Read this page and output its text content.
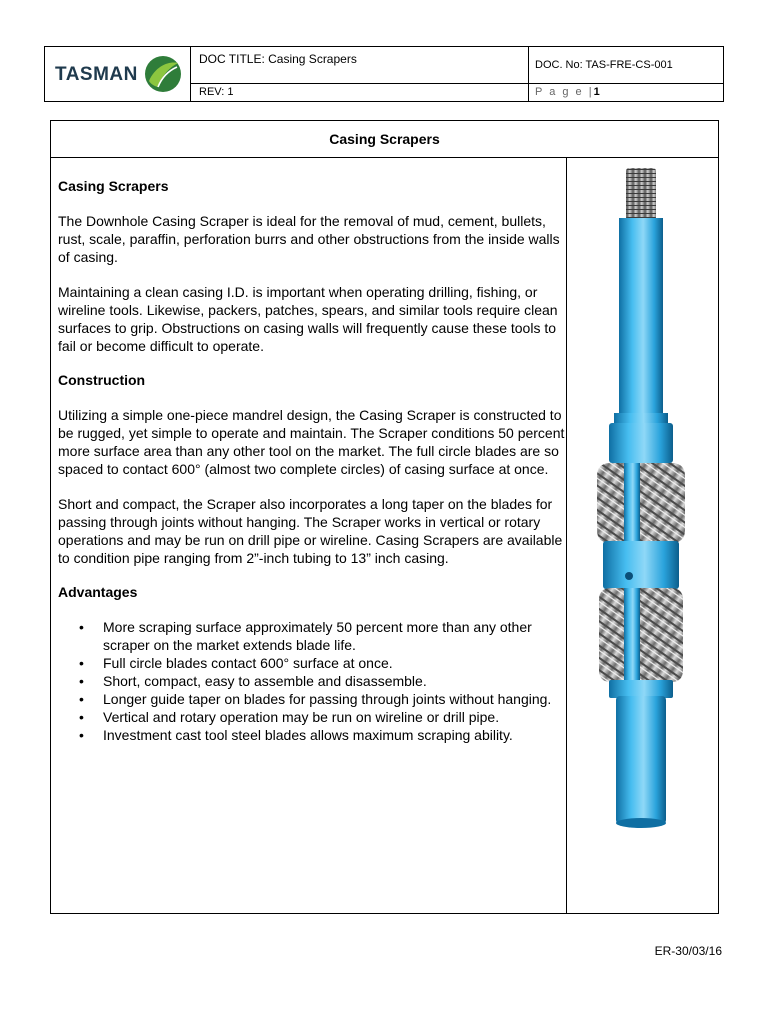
TASMAN
DOC TITLE: Casing Scrapers	DOC. No: TAS-FRE-CS-001
REV: 1	P a g e |1
Casing Scrapers
Casing Scrapers

The Downhole Casing Scraper is ideal for the removal of mud, cement, bullets, rust, scale, paraffin, perforation burrs and other obstructions from the inside walls of casing.

Maintaining a clean casing I.D. is important when operating drilling, fishing, or wireline tools. Likewise, packers, patches, spears, and similar tools require clean surfaces to grip. Obstructions on casing walls will frequently cause these tools to fail or become difficult to operate.

Construction

Utilizing a simple one-piece mandrel design, the Casing Scraper is constructed to be rugged, yet simple to operate and maintain. The Scraper conditions 50 percent more surface area than any other tool on the market. The full circle blades are so spaced to contact 600° (almost two complete circles) of casing surface at once.

Short and compact, the Scraper also incorporates a long taper on the blades for passing through joints without hanging. The Scraper works in vertical or rotary operations and may be run on drill pipe or wireline. Casing Scrapers are available to condition pipe ranging from 2”-inch tubing to 13” inch casing.

Advantages
• More scraping surface approximately 50 percent more than any other scraper on the market extends blade life.
• Full circle blades contact 600° surface at once.
• Short, compact, easy to assemble and disassemble.
• Longer guide taper on blades for passing through joints without hanging.
• Vertical and rotary operation may be run on wireline or drill pipe.
• Investment cast tool steel blades allows maximum scraping ability.
ER-30/03/16
